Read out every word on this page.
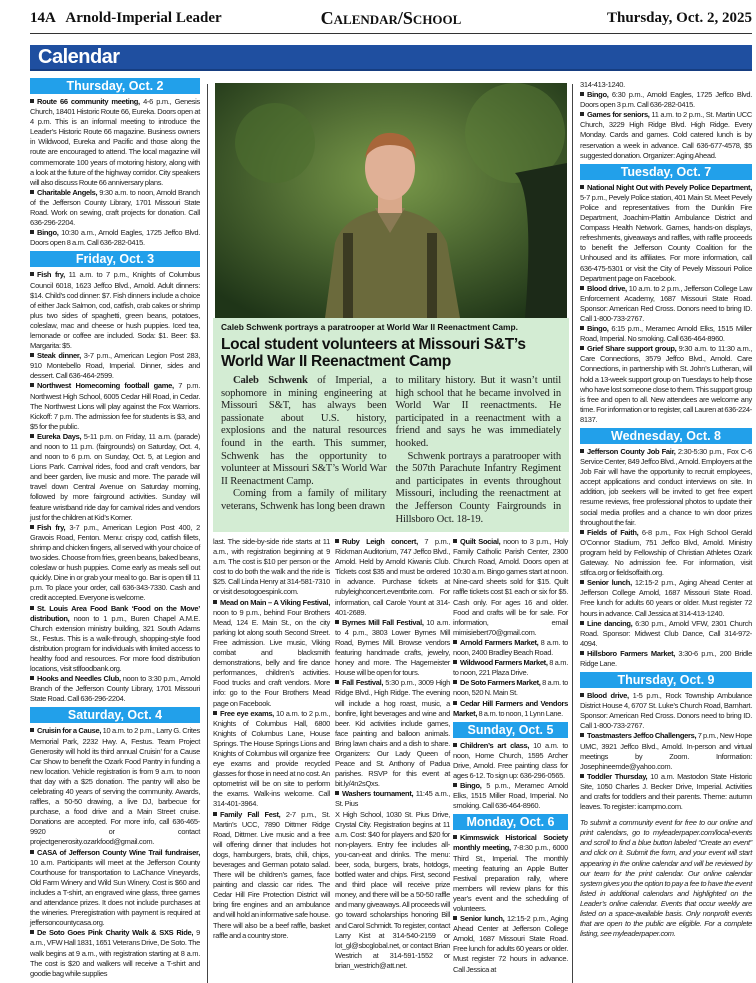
14A   Arnold-Imperial Leader	Calendar/School	Thursday, Oct. 2, 2025
Calendar
Thursday, Oct. 2

Route 66 community meeting, 4-6 p.m., Genesis Church, 18401 Historic Route 66, Eureka. Doors open at 4 p.m. This is an informal meeting to introduce the Leader’s Historic Route 66 magazine. Business owners in Wildwood, Eureka and Pacific and those along the route are encouraged to attend. The local magazine will commemorate 100 years of motoring history, along with a look at the future of the highway corridor. City speakers will also discuss Route 66 anniversary plans.

Charitable Angels, 9:30 a.m. to noon, Arnold Branch of the Jefferson County Library, 1701 Missouri State Road. Work on sewing, craft projects for donation. Call 636-296-2204.

Bingo, 10:30 a.m., Arnold Eagles, 1725 Jeffco Blvd. Doors open 8 a.m. Call 636-282-0415.

Friday, Oct. 3

Fish fry, 11 a.m. to 7 p.m., Knights of Columbus Council 6018, 1623 Jeffco Blvd., Arnold. Adult dinners: $14. Child’s cod dinner: $7. Fish dinners include a choice of either Jack Salmon, cod, catfish, crab cakes or shrimp plus two sides of spaghetti, green beans, potatoes, coleslaw, mac and cheese or hush puppies. Iced tea, lemonade or coffee are included. Soda: $1. Beer: $3. Margarita: $5.

Steak dinner, 3-7 p.m., American Legion Post 283, 910 Montebello Road, Imperial. Dinner, sides and dessert. Call 636-464-2599.

Northwest Homecoming football game, 7 p.m. Northwest High School, 6005 Cedar Hill Road, in Cedar. The Northwest Lions will play against the Fox Warriors. Kickoff: 7 p.m. The admission fee for students is $3, and $5 for the public.

Eureka Days, 5-11 p.m. on Friday, 11 a.m. (parade) and noon to 11 p.m. (fairgrounds) on Saturday, Oct. 4, and noon to 6 p.m. on Sunday, Oct. 5, at Legion and Lions Park. Carnival rides, food and craft vendors, bar and beer garden, live music and more. The parade will travel down Central Avenue on Saturday morning, followed by more fairground activities. Sunday will feature wristband ride day for carnival rides and vendors just for the children at Kid’s Korner.

Fish fry, 3-7 p.m., American Legion Post 400, 2 Gravois Road, Fenton. Menu: crispy cod, catfish fillets, shrimp and chicken fingers, all served with your choice of two sides. Choose from fries, green beans, baked beans, coleslaw or hush puppies. Come early as meals sell out quickly. Dine in or grab your meal to go. Bar is open till 11 p.m. To place your order, call 636-343-7330. Cash and credit accepted. Everyone is welcome.

St. Louis Area Food Bank ‘Food on the Move’ distribution, noon to 1 p.m., Buren Chapel A.M.E. Church extension ministry building, 321 South Adams St., Festus. This is a walk-through, shopping-style food distribution program for individuals with limited access to healthy food and resources. For more food distribution locations, visit stlfoodbank.org.

Hooks and Needles Club, noon to 3:30 p.m., Arnold Branch of the Jefferson County Library, 1701 Missouri State Road. Call 636-296-2204.

Saturday, Oct. 4

Cruisin for a Cause, 10 a.m. to 2 p.m., Larry G. Crites Memorial Park, 2232 Hwy. A, Festus. Team Project Generosity will hold its third annual Cruisin’ for a Cause Car Show to benefit the Ozark Food Pantry in funding a new location. Vehicle registration is from 9 a.m. to noon that day with a $25 donation. The pantry will also be celebrating 40 years of serving the community. Awards, raffles, a 50-50 drawing, a live DJ, barbecue for purchase, a food drive and a Main Street cruise. Donations are accepted. For more info, call 636-465-9920 or contact projectgenerosity.ozarkfood@gmail.com.

CASA of Jefferson County Wine Trail fundraiser, 10 a.m. Participants will meet at the Jefferson County Courthouse for transportation to LaChance Vineyards, Old Farm Winery and Wild Sun Winery. Cost is $60 and includes a T-shirt, an engraved wine glass, three games and attendance prizes. It does not include purchases at the wineries. Preregistration with payment is required at jeffersoncountycasa.org.

De Soto Goes Pink Charity Walk & SXS Ride, 9 a.m., VFW Hall 1831, 1651 Veterans Drive, De Soto. The walk begins at 9 a.m., with registration starting at 8 a.m. The cost is $20 and walkers will receive a T-shirt and goodie bag while supplies

Caleb Schwenk portrays a paratrooper at World War II Reenactment Camp.
Local student volunteers at Missouri S&T’s World War II Reenactment Camp

Caleb Schwenk of Imperial, a sophomore in mining engineering at Missouri S&T, has always been passionate about U.S. history, explosions and the natural resources found in the earth. This summer, Schwenk has the opportunity to volunteer at Missouri S&T’s World War II Reenactment Camp.

Coming from a family of military veterans, Schwenk has long been drawn

to military history. But it wasn’t until high school that he became involved in World War II reenactments. He participated in a reenactment with a friend and says he was immediately hooked.

Schwenk portrays a paratrooper with the 507th Parachute Infantry Regiment and participates in events throughout Missouri, including the reenactment at the Jefferson County Fairgrounds in Hillsboro Oct. 18-19.

last. The side-by-side ride starts at 11 a.m., with registration beginning at 9 a.m. The cost is $10 per person or the cost to do both the walk and the ride is $25. Call Linda Henry at 314-581-7310 or visit desotogoespink.com.

Mead on Main – A Viking Festival, noon to 9 p.m., behind Four Brothers Mead, 124 E. Main St., on the city parking lot along south Second Street. Free admission. Live music, Viking combat and blacksmith demonstrations, belly and fire dance performances, children’s activities. Food trucks and craft vendors. More info: go to the Four Brothers Mead page on Facebook.

Free eye exams, 10 a.m. to 2 p.m., Knights of Columbus Hall, 6800 Knights of Columbus Lane, House Springs. The House Springs Lions and Knights of Columbus will organize free eye exams and provide recycled glasses for those in need at no cost. An optometrist will be on site to perform the exams. Walk-ins welcome. Call 314-401-3964.

Family Fall Fest, 2-7 p.m., St. Martin’s UCC, 7890 Dittmer Ridge Road, Dittmer. Live music and a free will offering dinner that includes hot dogs, hamburgers, brats, chili, chips, beverages and German potato salad. There will be children’s games, face painting and classic car rides. The Cedar Hill Fire Protection District will bring fire engines and an ambulance and will hold an informative safe house. There will also be a beef raffle, basket raffle and a country store.

Ruby Leigh concert, 7 p.m., Rickman Auditorium, 747 Jeffco Blvd., Arnold. Held by Arnold Kiwanis Club. Tickets cost $35 and must be ordered in advance. Purchase tickets at rubyleighconcert.eventbrite.com. For information, call Carole Yount at 314-401-2689.

Byrnes Mill Fall Festival, 10 a.m. to 4 p.m., 3803 Lower Byrnes Mill Road, Byrnes Mill. Browse vendors featuring handmade crafts, jewelry, honey and more. The Hagemeister House will be open for tours.

Fall Festival, 5:30 p.m., 3009 High Ridge Blvd., High Ridge. The evening will include a hog roast, music, a bonfire, light beverages and wine and beer. Kid activities include games, face painting and balloon animals. Bring lawn chairs and a dish to share. Organizers: Our Lady Queen of Peace and St. Anthony of Padua parishes. RSVP for this event at bit.ly/4n2sQxs.

Washers tournament, 11:45 a.m., St. Pius

X High School, 1030 St. Pius Drive, Crystal City. Registration begins at 11 a.m. Cost: $40 for players and $20 for non-players. Entry fee includes all-you-can-eat and drinks. The menu: beer, soda, burgers, brats, hotdogs, bottled water and chips. First, second and third place will receive prize money, and there will be a 50-50 raffle and many giveaways. All proceeds will go toward scholarships honoring Bill and Carol Schmidt. To register, contact Larry Kist at 314-540-2159 or lot_gl@sbcglobal.net, or contact Brian Westrich at 314-591-1552 or brian_westrich@att.net.

Quilt Social, noon to 3 p.m., Holy Family Catholic Parish Center, 2300 Church Road, Arnold. Doors open at 10:30 a.m. Bingo games start at noon. Nine-card sheets sold for $15. Quilt raffle tickets cost $1 each or six for $5. Cash only. For ages 16 and older. Food and crafts will be for sale. For information, email mimisiebert70@gmail.com.

Arnold Farmers Market, 8 a.m. to noon, 2400 Bradley Beach Road.

Wildwood Farmers Market, 8 a.m. to noon, 221 Plaza Drive.

De Soto Farmers Market, 8 a.m. to noon, 520 N. Main St.

Cedar Hill Farmers and Vendors Market, 8 a.m. to noon, 1 Lynn Lane.

Sunday, Oct. 5

Children’s art class, 10 a.m. to noon, Home Church, 1595 Archer Drive, Arnold. Free painting class for ages 6-12. To sign up: 636-296-0565.

Bingo, 5 p.m., Meramec Arnold Elks, 1515 Miller Road, Imperial. No smoking. Call 636-464-8960.

Monday, Oct. 6

Kimmswick Historical Society monthly meeting, 7-8:30 p.m., 6000 Third St., Imperial. The monthly meeting featuring an Apple Butter Festival preparation rally, where members will review plans for this year’s event and the scheduling of volunteers.

Senior lunch, 12:15-2 p.m., Aging Ahead Center at Jefferson College Arnold, 1687 Missouri State Road. Free lunch for adults 60 years or older. Must register 72 hours in advance. Call Jessica at

314-413-1240.

Bingo, 6:30 p.m., Arnold Eagles, 1725 Jeffco Blvd. Doors open 3 p.m. Call 636-282-0415.

Games for seniors, 11 a.m. to 2 p.m., St. Martin UCC Church, 3229 High Ridge Blvd. High Ridge. Every Monday. Cards and games. Cold catered lunch is by reservation a week in advance. Call 636-677-4578, $5 suggested donation. Organizer: Aging Ahead.

Tuesday, Oct. 7

National Night Out with Pevely Police Department, 5-7 p.m., Pevely Police station, 401 Main St. Meet Pevely Police and representatives from the Dunklin Fire Department, Joachim-Plattin Ambulance District and Compass Health Network. Games, hands-on displays, refreshments, giveaways and raffles, with raffle proceeds to benefit the Jefferson County Coalition for the Unhoused and its affiliates. For more information, call 636-475-5301 or visit the City of Pevely Missouri Police Department page on Facebook.

Blood drive, 10 a.m. to 2 p.m., Jefferson College Law Enforcement Academy, 1687 Missouri State Road. Sponsor: American Red Cross. Donors need to bring ID. Call 1-800-733-2767.

Bingo, 6:15 p.m., Meramec Arnold Elks, 1515 Miller Road, Imperial. No smoking. Call 636-464-8960.

Grief Share support group, 9:30 a.m. to 11:30 a.m., Care Connections, 3579 Jeffco Blvd., Arnold. Care Connections, in partnership with St. John’s Lutheran, will hold a 13-week support group on Tuesdays to help those who have lost someone close to them. This support group is free and open to all. New attendees are welcome any time. For information or to register, call Lauren at 636-224-8137.

Wednesday, Oct. 8

Jefferson County Job Fair, 2:30-5:30 p.m., Fox C-6 Service Center, 849 Jeffco Blvd., Arnold. Employers at the Job Fair will have the opportunity to recruit employees, accept applications and conduct interviews on site. In addition, job seekers will be invited to get free expert resume reviews, free professional photos to update their social media profiles and a chance to win door prizes throughout the fair.

Fields of Faith, 6-8 p.m., Fox High School Gerald O’Connor Stadium, 751 Jeffco Blvd, Arnold. Ministry program held by Fellowship of Christian Athletes Ozark Gateway. No admission fee. For information, visit stlfca.org or fieldsoffaith.org.

Senior lunch, 12:15-2 p.m., Aging Ahead Center at Jefferson College Arnold, 1687 Missouri State Road. Free lunch for adults 60 years or older. Must register 72 hours in advance. Call Jessica at 314-413-1240.

Line dancing, 6:30 p.m., Arnold VFW, 2301 Church Road. Sponsor: Midwest Club Dance, Call 314-972-4094.

Hillsboro Farmers Market, 3:30-6 p.m., 200 Bridle Ridge Lane.

Thursday, Oct. 9

Blood drive, 1-5 p.m., Rock Township Ambulance District House 4, 6707 St. Luke’s Church Road, Barnhart. Sponsor: American Red Cross. Donors need to bring ID. Call 1-800-733-2767.

Toastmasters Jeffco Challengers, 7 p.m., New Hope UMC, 3921 Jeffco Blvd., Arnold. In-person and virtual meetings by Zoom. Information: Josephineemde@yahoo.com.

Toddler Thursday, 10 a.m. Mastodon State Historic Site, 1050 Charles J. Becker Drive, Imperial. Activities and crafts for toddlers and their parents. Theme: autumn leaves. To register: icampmo.com.

To submit a community event for free to our online and print calendars, go to myleaderpaper.com/local-events and scroll to find a blue button labeled “Create an event” and click on it. Submit the form, and your event will start appearing in the online calendar and will be reviewed by our team for the print calendar. Our online calendar system gives you the option to pay a fee to have the event listed in additional calendars and highlighted on the Leader’s online calendar. Events that occur weekly are listed on a space-available basis. Only nonprofit events that are open to the public are eligible. For a complete listing, see myleaderpaper.com.
